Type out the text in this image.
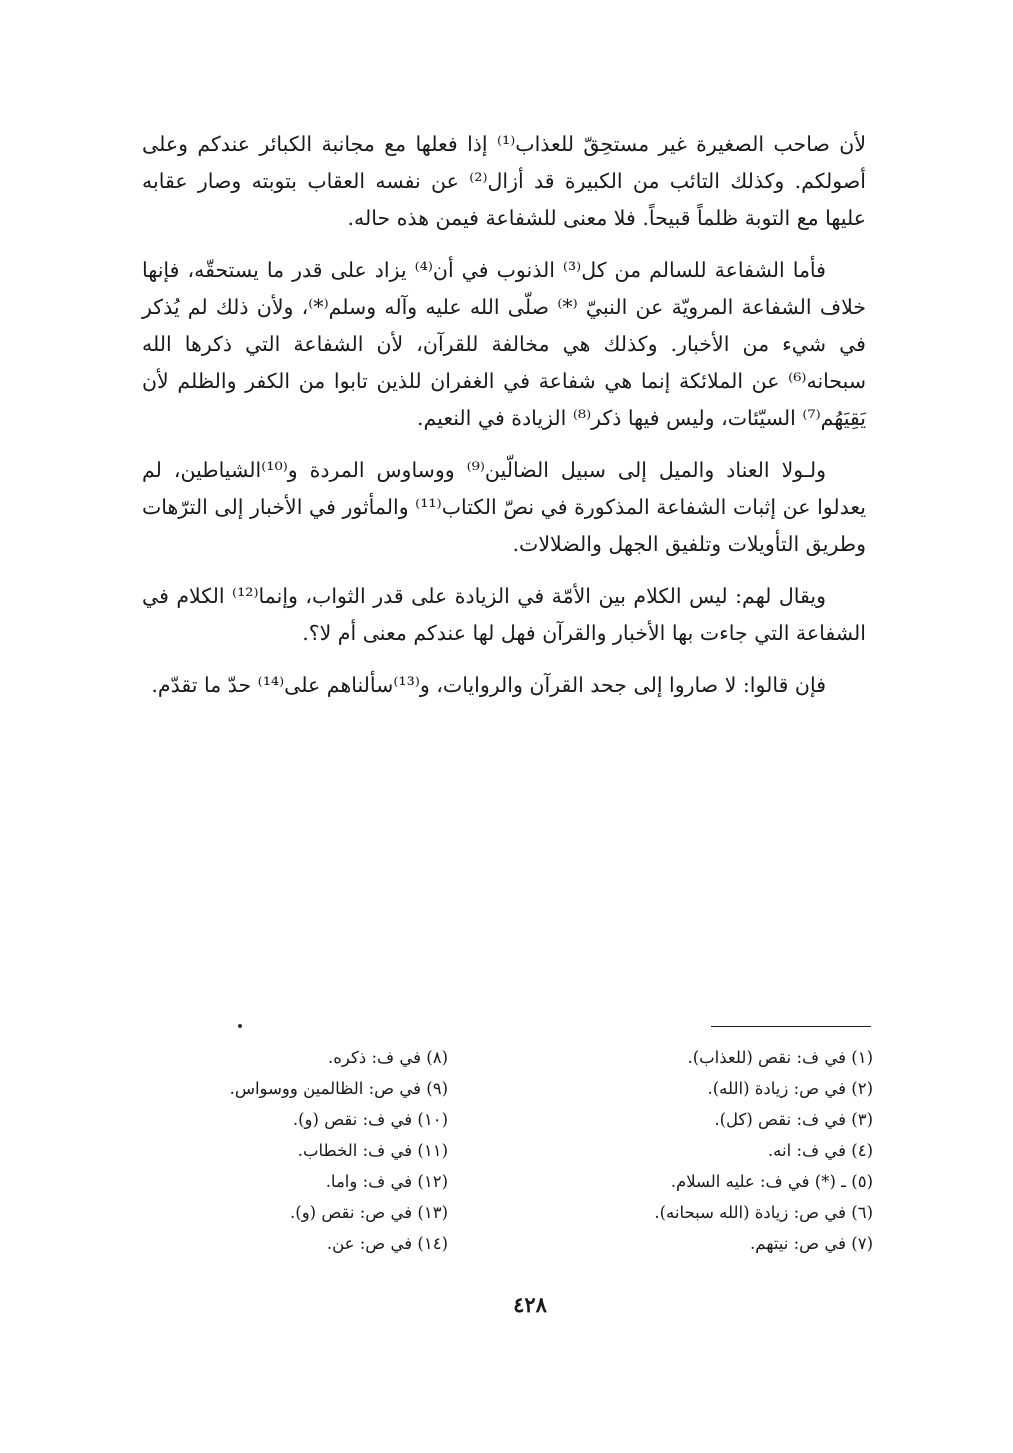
لأن صاحب الصغيرة غير مستحِقّ للعذاب⁽¹⁾ إذا فعلها مع مجانبة الكبائر عندكم وعلى أصولكم. وكذلك التائب من الكبيرة قد أزال⁽²⁾ عن نفسه العقاب بتوبته وصار عقابه عليها مع التوبة ظلماً قبيحاً. فلا معنى للشفاعة فيمن هذه حاله.

فأما الشفاعة للسالم من كل⁽³⁾ الذنوب في أن⁽⁴⁾ يزاد على قدر ما يستحقّه، فإنها خلاف الشفاعة المرويّة عن النبيّ ⁽*⁾ صلّى الله عليه وآله وسلم⁽*⁾، ولأن ذلك لم يُذكر في شيء من الأخبار. وكذلك هي مخالفة للقرآن، لأن الشفاعة التي ذكرها الله سبحانه⁽⁶⁾ عن الملائكة إنما هي شفاعة في الغفران للذين تابوا من الكفر والظلم لأن يَقِيَهُم⁽⁷⁾ السيّئات، وليس فيها ذكر⁽⁸⁾ الزيادة في النعيم.

ولـولا العناد والميل إلى سبيل الضالّين⁽⁹⁾ ووساوس المردة و⁽¹⁰⁾الشياطين، لم يعدلوا عن إثبات الشفاعة المذكورة في نصّ الكتاب⁽¹¹⁾ والمأثور في الأخبار إلى الترّهات وطريق التأويلات وتلفيق الجهل والضلالات.

ويقال لهم: ليس الكلام بين الأمّة في الزيادة على قدر الثواب، وإنما⁽¹²⁾ الكلام في الشفاعة التي جاءت بها الأخبار والقرآن فهل لها عندكم معنى أم لا؟.

فإن قالوا: لا صاروا إلى جحد القرآن والروايات، و⁽¹³⁾سألناهم على⁽¹⁴⁾ حدّ ما تقدّم.

(١) في ف: نقص (للعذاب).

(٢) في ص: زيادة (الله).

(٣) في ف: نقص (كل).

(٤) في ف: انه.

(٥) ـ (*) في ف: عليه السلام.

(٦) في ص: زيادة (الله سبحانه).

(٧) في ص: نيتهم.

(٨) في ف: ذكره.

(٩) في ص: الظالمين ووسواس.

(١٠) في ف: نقص (و).

(١١) في ف: الخطاب.

(١٢) في ف: واما.

(١٣) في ص: نقص (و).

(١٤) في ص: عن.

٤٢٨
